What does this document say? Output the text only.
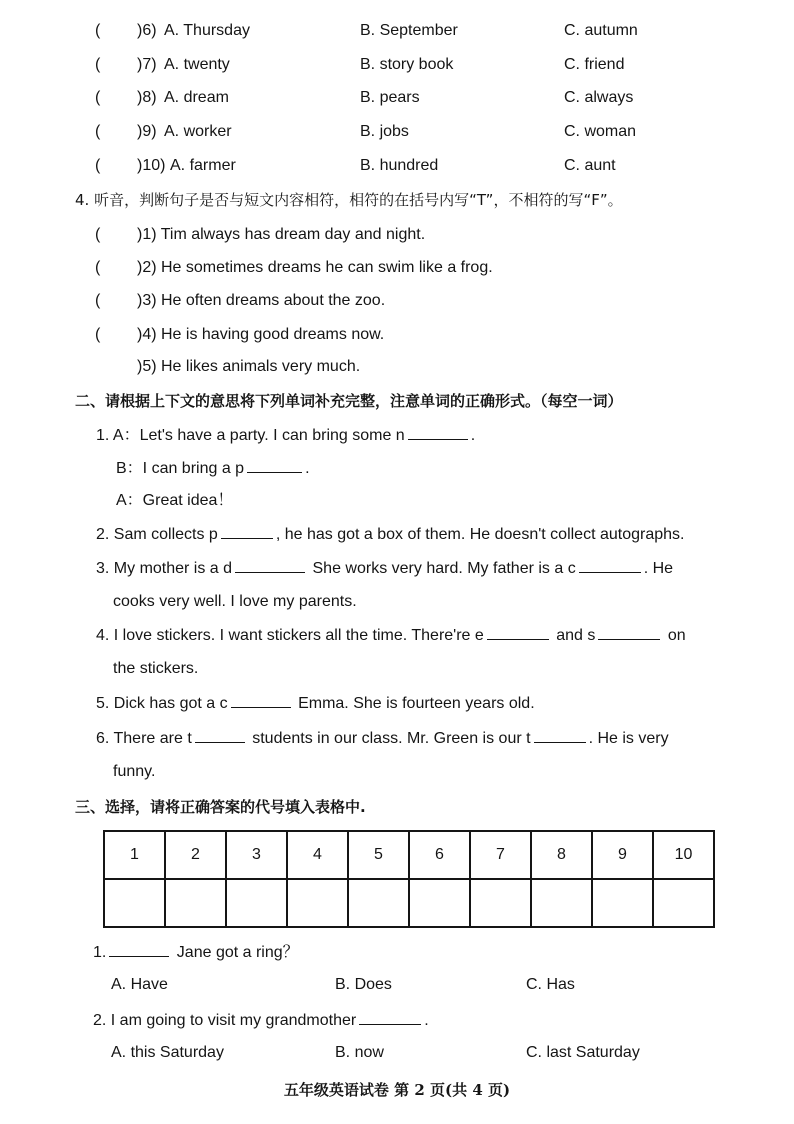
( )6) A. Thursday	B. September	C. autumn
( )7) A. twenty	B. story book	C. friend
( )8) A. dream	B. pears	C. always
( )9) A. worker	B. jobs	C. woman
( )10) A. farmer	B. hundred	C. aunt
4. 听音，判断句子是否与短文内容相符，相符的在括号内写“T”，不相符的写“F”。
( )1) Tim always has dream day and night.
( )2) He sometimes dreams he can swim like a frog.
( )3) He often dreams about the zoo.
( )4) He is having good dreams now.
)5) He likes animals very much.
二、请根据上下文的意思将下列单词补充完整，注意单词的正确形式。（每空一词）
1. A：Let's have a party. I can bring some n	.
B：I can bring a p	.
A：Great idea！
2. Sam collects p	, he has got a box of them. He doesn't collect autographs.
3. My mother is a d	She works very hard. My father is a c	. He
cooks very well. I love my parents.
4. I love stickers. I want stickers all the time. There're e	and s	on
the stickers.
5. Dick has got a c	Emma. She is fourteen years old.
6. There are t	students in our class. Mr. Green is our t	. He is very
funny.
三、选择，请将正确答案的代号填入表格中.
1	2	3	4	5	6	7	8	9	10

1.	Jane got a ring？
A. Have	B. Does	C. Has
2. I am going to visit my grandmother	.
A. this Saturday	B. now	C. last Saturday
五年级英语试卷 第 2 页(共 4 页)
